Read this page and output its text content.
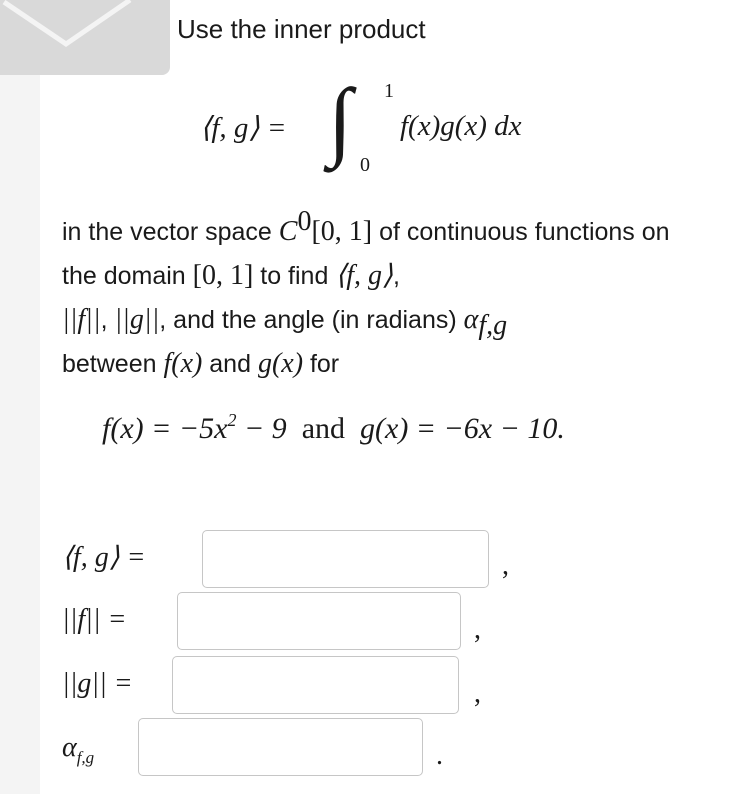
Use the inner product
⟨f, g⟩ = ∫ 1
0
f(x)g(x) dx
in the vector space $C^0[0$, 1] of continuous functions on the domain [0, 1] to find ⟨f, g⟩,
||f||, ||g||, and the angle (in radians) $\alpha_{f,g}$
between f(x) and g(x) for
$f(x) = -5x^2 - 9$  and  g(x) = −6x − 10.
⟨f, g⟩ =	,
||f|| =	,
||g|| =	,
$\alpha_{f,g}$	.
